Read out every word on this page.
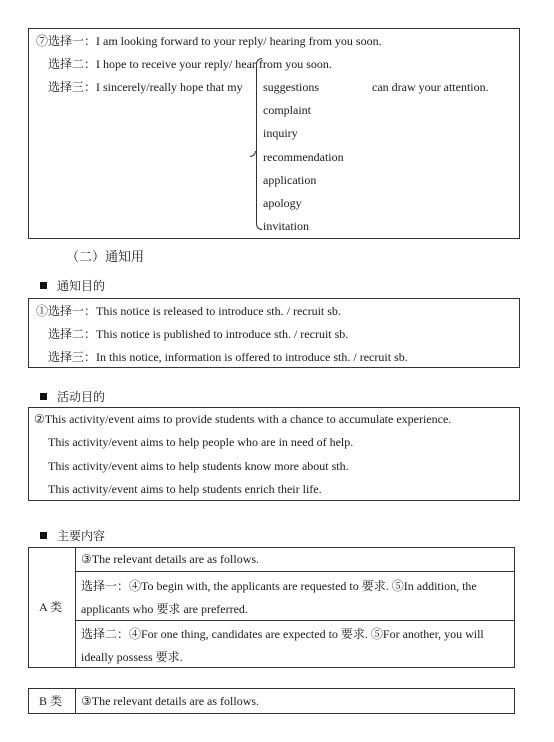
⑦选择一：I am looking forward to your reply/ hearing from you soon.
选择二：I hope to receive your reply/ hear from you soon.
选择三：I sincerely/really hope that my	can draw your attention.
suggestions
complaint
inquiry
recommendation
application
apology
invitation
（二）通知用
通知目的
①选择一：This notice is released to introduce sth. / recruit sb.
选择二：This notice is published to introduce sth. / recruit sb.
选择三：In this notice, information is offered to introduce sth. / recruit sb.
活动目的
②This activity/event aims to provide students with a chance to accumulate experience.
This activity/event aims to help people who are in need of help.
This activity/event aims to help students know more about sth.
This activity/event aims to help students enrich their life.
主要内容
A 类
③The relevant details are as follows.
选择一：④To begin with, the applicants are requested to 要求. ⑤In addition, the
applicants who 要求 are preferred.
选择二：④For one thing, candidates are expected to 要求. ⑤For another, you will
ideally possess 要求.
B 类 ③The relevant details are as follows.
